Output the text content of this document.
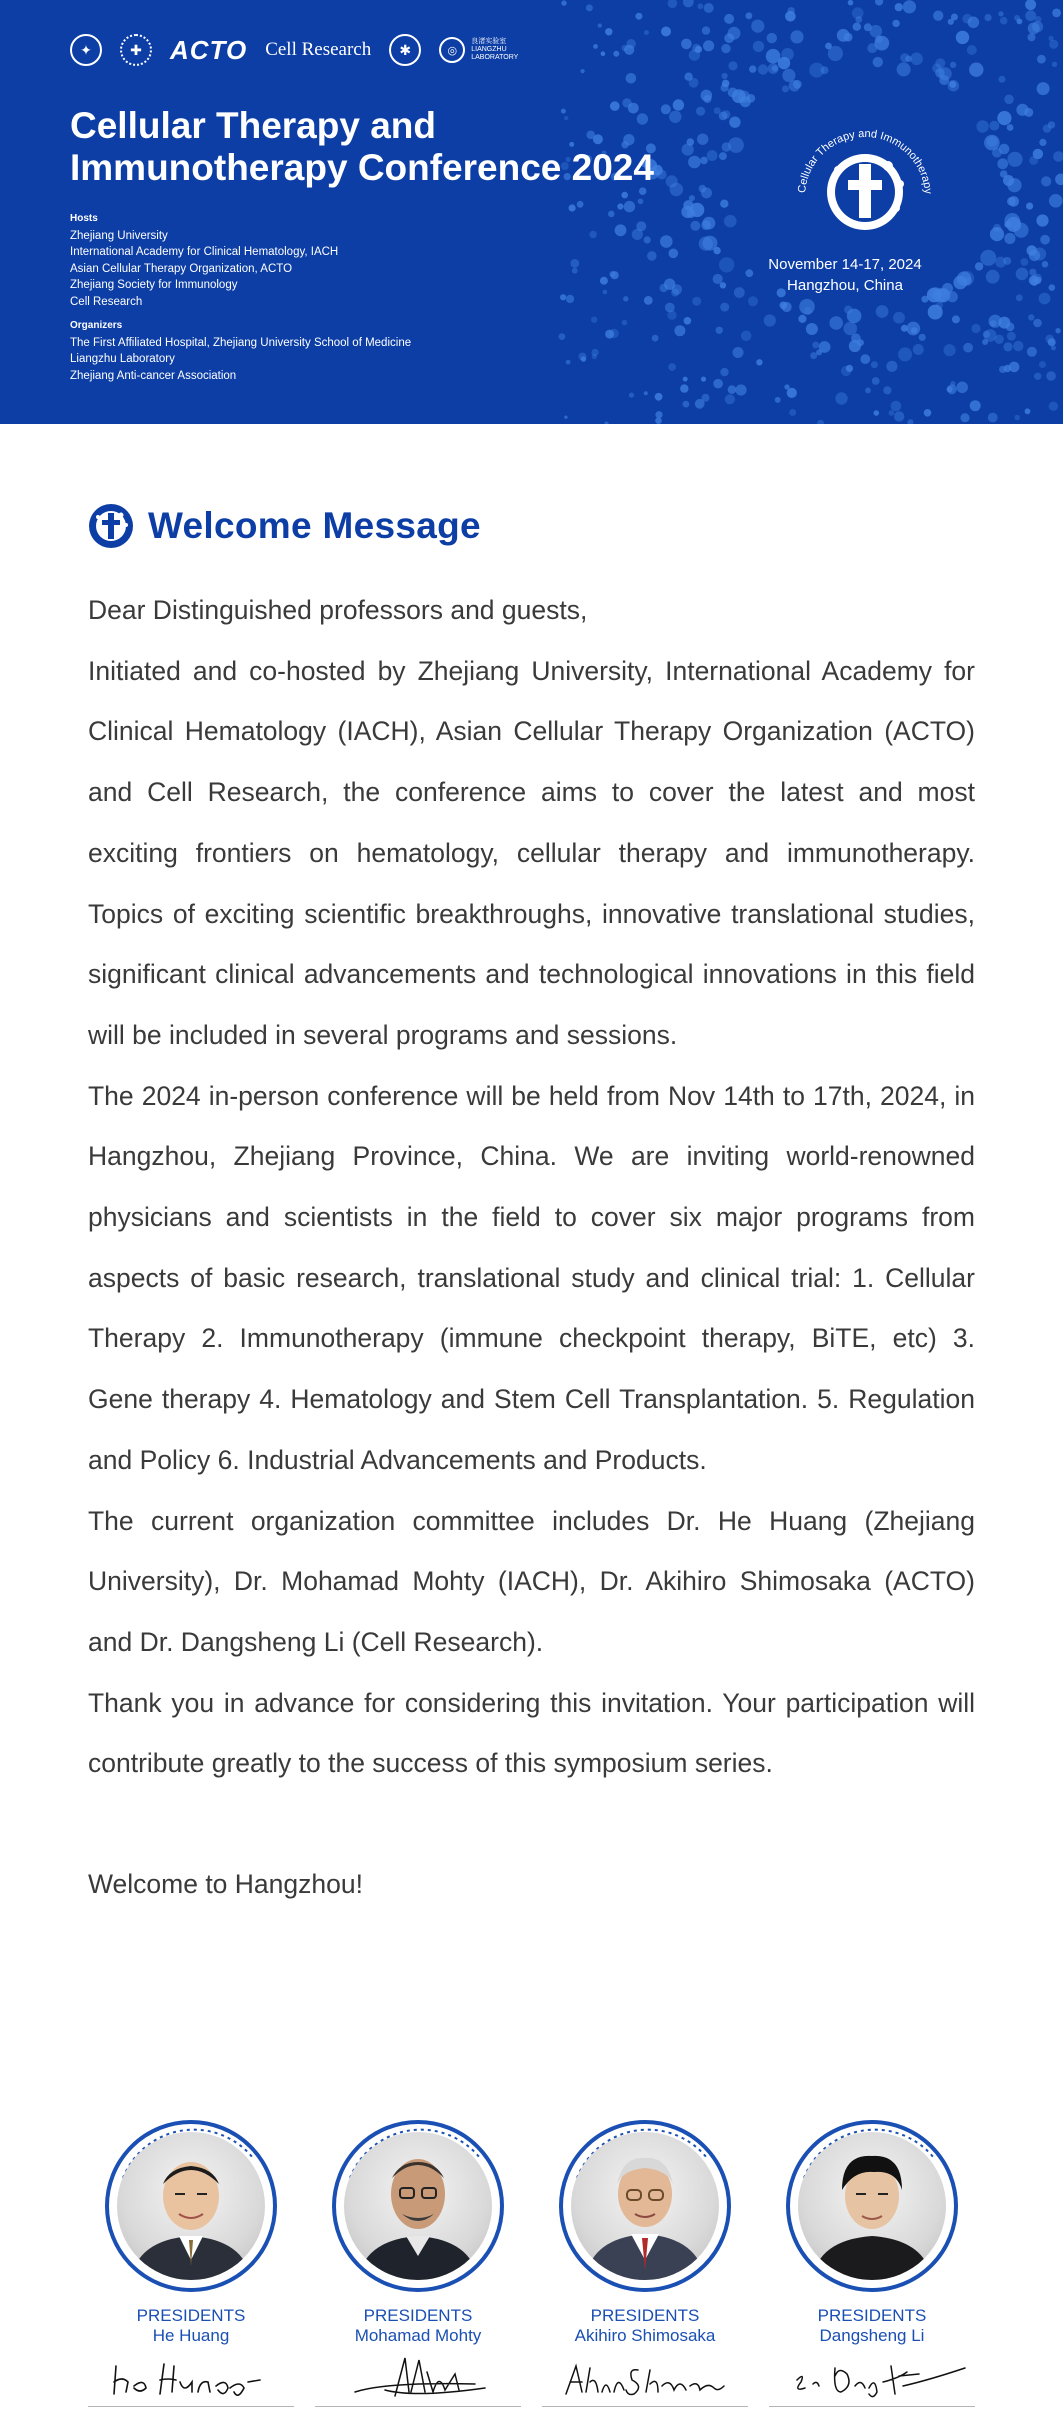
✦	✚	ACTO Cell Research	✱	◎
良渚实验室
LIANGZHU LABORATORY
Cellular Therapy and
Immunotherapy Conference 2024
Hosts
Zhejiang University
International Academy for Clinical Hematology, IACH
Asian Cellular Therapy Organization, ACTO
Zhejiang Society for Immunology
Cell Research
Organizers
The First Affiliated Hospital, Zhejiang University School of Medicine
Liangzhu Laboratory
Zhejiang Anti-cancer Association
Cellular Therapy and Immunotherapy
November 14-17, 2024
Hangzhou, China
Welcome Message

Dear Distinguished professors and guests,

Initiated and co-hosted by Zhejiang University, International Academy for Clinical Hematology (IACH), Asian Cellular Therapy Organization (ACTO) and Cell Research, the conference aims to cover the latest and most exciting frontiers on hematology, cellular therapy and immunotherapy. Topics of exciting scientific breakthroughs, innovative translational studies, significant clinical advancements and technological innovations in this field will be included in several programs and sessions.

The 2024 in-person conference will be held from Nov 14th to 17th, 2024, in Hangzhou, Zhejiang Province, China. We are inviting world-renowned physicians and scientists in the field to cover six major programs from aspects of basic research, translational study and clinical trial: 1. Cellular Therapy 2. Immunotherapy (immune checkpoint therapy, BiTE, etc) 3. Gene therapy 4. Hematology and Stem Cell Transplantation. 5. Regulation and Policy 6. Industrial Advancements and Products.

The current organization committee includes Dr. He Huang (Zhejiang University), Dr. Mohamad Mohty (IACH), Dr. Akihiro Shimosaka (ACTO) and Dr. Dangsheng Li (Cell Research).

Thank you in advance for considering this invitation. Your participation will contribute greatly to the success of this symposium series.

Welcome to Hangzhou!

PRESIDENTS
He Huang
PRESIDENTS
Mohamad Mohty
PRESIDENTS
Akihiro Shimosaka
PRESIDENTS
Dangsheng Li
